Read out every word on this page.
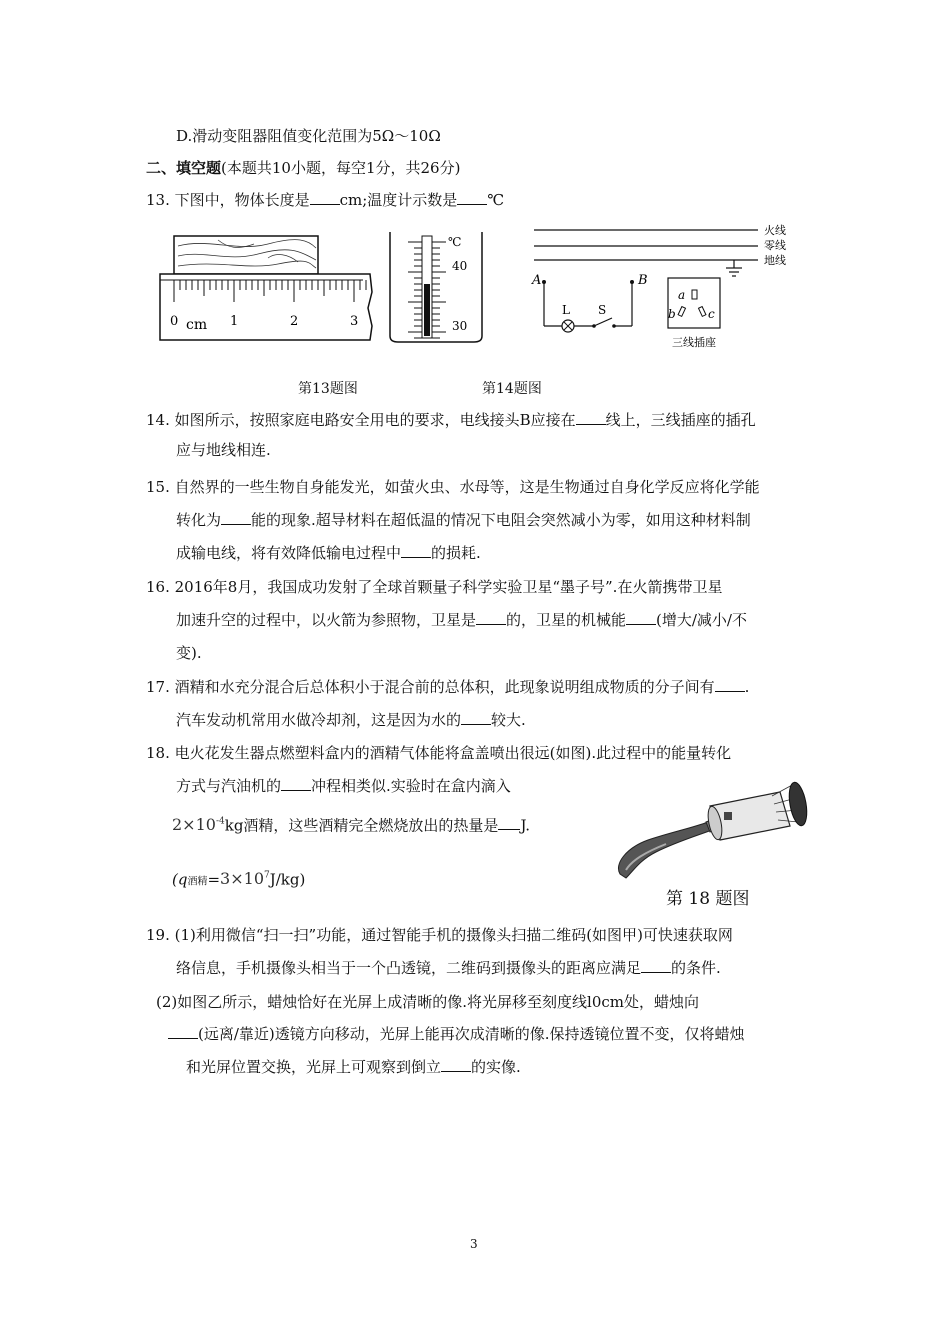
D.滑动变阻器阻值变化范围为5Ω～10Ω
二、填空题(本题共10小题，每空1分，共26分)
13. 下图中，物体长度是 cm;温度计示数是 ℃
0 cm 1	2	3
℃
40
30
火线
零线
地线
A	B
L S
a
b	c
三线插座
第13题图	第14题图
14. 如图所示，按照家庭电路安全用电的要求，电线接头B应接在 线上，三线插座的插孔
应与地线相连.
15. 自然界的一些生物自身能发光，如萤火虫、水母等，这是生物通过自身化学反应将化学能
转化为 能的现象.超导材料在超低温的情况下电阻会突然减小为零，如用这种材料制
成输电线，将有效降低输电过程中 的损耗.
16. 2016年8月，我国成功发射了全球首颗量子科学实验卫星“墨子号”.在火箭携带卫星
加速升空的过程中，以火箭为参照物，卫星是 的，卫星的机械能 (增大/减小/不
变).
17. 酒精和水充分混合后总体积小于混合前的总体积，此现象说明组成物质的分子间有 .
汽车发动机常用水做冷却剂，这是因为水的 较大.
18. 电火花发生器点燃塑料盒内的酒精气体能将盒盖喷出很远(如图).此过程中的能量转化
方式与汽油机的 冲程相类似.实验时在盒内滴入
$2\times 10^{-4}kg$酒精，这些酒精完全燃烧放出的热量是 J.
(q酒精$=3\times 10^7J/kg$)
第 18 题图
19. (1)利用微信“扫一扫”功能，通过智能手机的摄像头扫描二维码(如图甲)可快速获取网
络信息，手机摄像头相当于一个凸透镜，二维码到摄像头的距离应满足 的条件.
(2)如图乙所示，蜡烛恰好在光屏上成清晰的像.将光屏移至刻度线l0cm处，蜡烛向
(远离/靠近)透镜方向移动，光屏上能再次成清晰的像.保持透镜位置不变，仅将蜡烛
和光屏位置交换，光屏上可观察到倒立 的实像.
3
